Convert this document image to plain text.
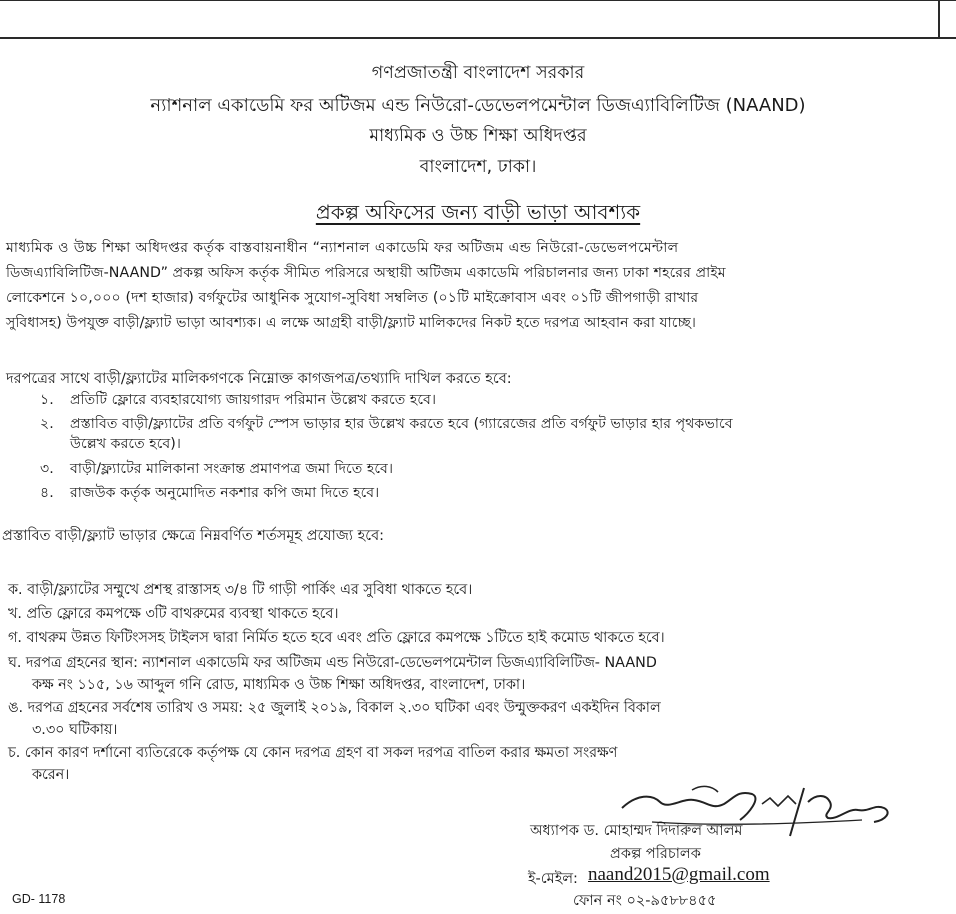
গণপ্রজাতন্ত্রী বাংলাদেশ সরকার
ন্যাশনাল একাডেমি ফর অটিজম এন্ড নিউরো-ডেভেলপমেন্টাল ডিজএ্যাবিলিটিজ (NAAND)
মাধ্যমিক ও উচ্চ শিক্ষা অধিদপ্তর
বাংলাদেশ, ঢাকা।
প্রকল্প অফিসের জন্য বাড়ী ভাড়া আবশ্যক
মাধ্যমিক ও উচ্চ শিক্ষা অধিদপ্তর কর্তৃক বাস্তবায়নাধীন “ন্যাশনাল একাডেমি ফর অটিজম এন্ড নিউরো-ডেভেলপমেন্টাল
ডিজএ্যাবিলিটিজ-NAAND” প্রকল্প অফিস কর্তৃক সীমিত পরিসরে অস্থায়ী অটিজম একাডেমি পরিচালনার জন্য ঢাকা শহরের প্রাইম
লোকেশনে ১০,০০০ (দশ হাজার) বর্গফুটের আধুনিক সুযোগ-সুবিধা সম্বলিত (০১টি মাইক্রোবাস এবং ০১টি জীপগাড়ী রাখার
সুবিধাসহ) উপযুক্ত বাড়ী/ফ্ল্যাট ভাড়া আবশ্যক। এ লক্ষে আগ্রহী বাড়ী/ফ্ল্যাট মালিকদের নিকট হতে দরপত্র আহবান করা যাচ্ছে।
দরপত্রের সাথে বাড়ী/ফ্ল্যাটের মালিকগণকে নিম্নোক্ত কাগজপত্র/তথ্যাদি দাখিল করতে হবে:
১. প্রতিটি ফ্লোরে ব্যবহারযোগ্য জায়গারদ পরিমান উল্লেখ করতে হবে।
২. প্রস্তাবিত বাড়ী/ফ্ল্যাটের প্রতি বর্গফুট স্পেস ভাড়ার হার উল্লেখ করতে হবে (গ্যারেজের প্রতি বর্গফুট ভাড়ার হার পৃথকভাবে
উল্লেখ করতে হবে)।
৩. বাড়ী/ফ্ল্যাটের মালিকানা সংক্রান্ত প্রমাণপত্র জমা দিতে হবে।
৪. রাজউক কর্তৃক অনুমোদিত নকশার কপি জমা দিতে হবে।
প্রস্তাবিত বাড়ী/ফ্ল্যাট ভাড়ার ক্ষেত্রে নিম্নবর্ণিত শর্তসমূহ প্রযোজ্য হবে:
ক. বাড়ী/ফ্ল্যাটের সম্মুখে প্রশস্থ রাস্তাসহ ৩/৪ টি গাড়ী পার্কিং এর সুবিধা থাকতে হবে।
খ. প্রতি ফ্লোরে কমপক্ষে ৩টি বাথরুমের ব্যবস্থা থাকতে হবে।
গ. বাথরুম উন্নত ফিটিংসসহ টাইলস দ্বারা নির্মিত হতে হবে এবং প্রতি ফ্লোরে কমপক্ষে ১টিতে হাই কমোড থাকতে হবে।
ঘ. দরপত্র গ্রহনের স্থান: ন্যাশনাল একাডেমি ফর অটিজম এন্ড নিউরো-ডেভেলপমেন্টাল ডিজএ্যাবিলিটিজ- NAAND
কক্ষ নং ১১৫, ১৬ আব্দুল গনি রোড, মাধ্যমিক ও উচ্চ শিক্ষা অধিদপ্তর, বাংলাদেশ, ঢাকা।
ঙ. দরপত্র গ্রহনের সর্বশেষ তারিখ ও সময়: ২৫ জুলাই ২০১৯, বিকাল ২.৩০ ঘটিকা এবং উন্মুক্তকরণ একইদিন বিকাল
৩.৩০ ঘটিকায়।
চ. কোন কারণ দর্শানো ব্যতিরেকে কর্তৃপক্ষ যে কোন দরপত্র গ্রহণ বা সকল দরপত্র বাতিল করার ক্ষমতা সংরক্ষণ
করেন।
অধ্যাপক ড. মোহাম্মদ দিদারুল আলম
প্রকল্প পরিচালক
ই-মেইল: naand2015@gmail.com
ফোন নং ০২-৯৫৮৮৪৫৫
GD- 1178
